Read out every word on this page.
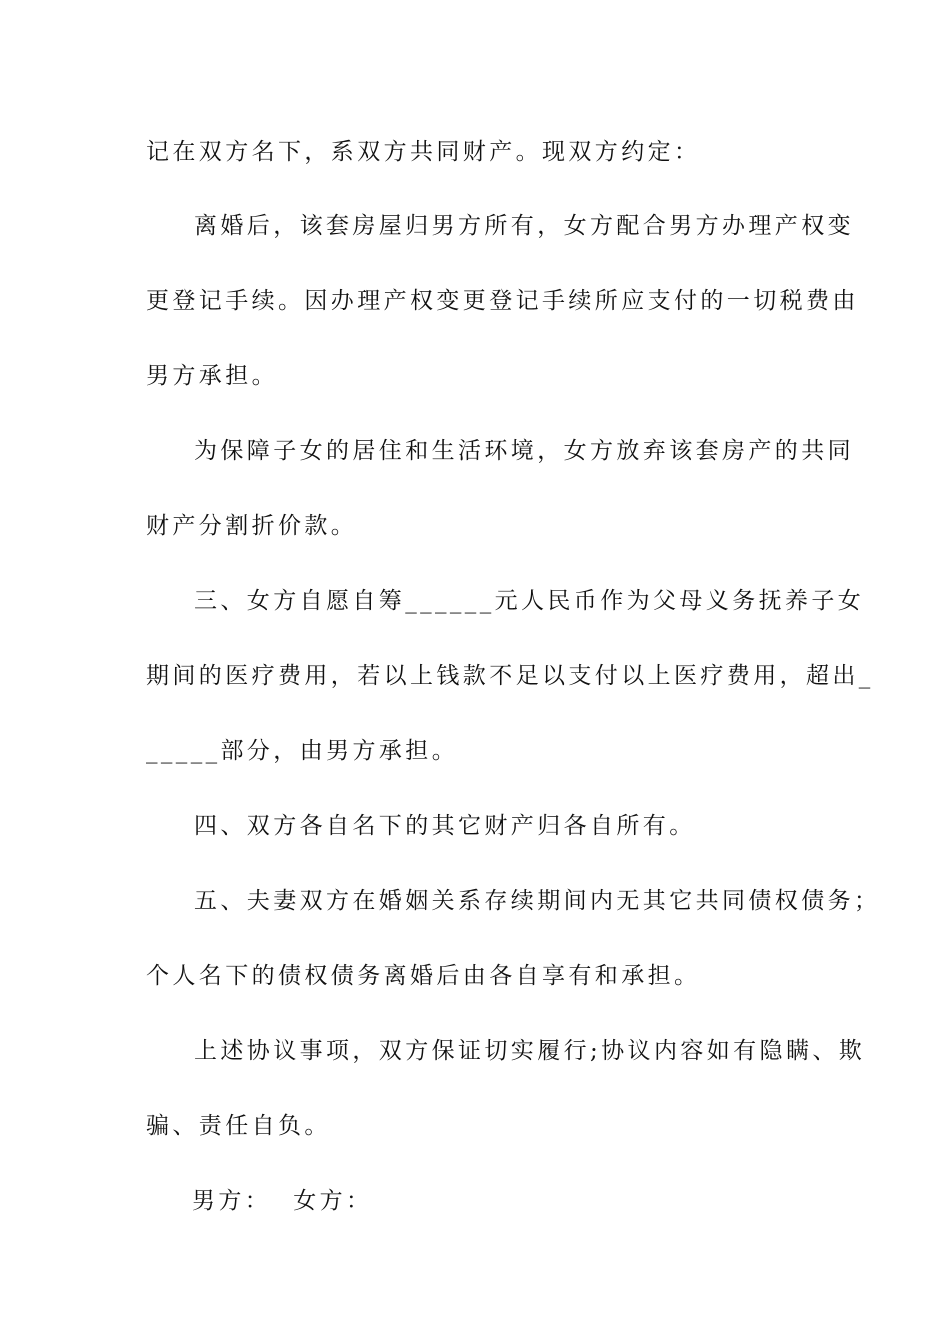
记在双方名下，系双方共同财产。现双方约定：
离婚后，该套房屋归男方所有，女方配合男方办理产权变
更登记手续。因办理产权变更登记手续所应支付的一切税费由
男方承担。
为保障子女的居住和生活环境，女方放弃该套房产的共同
财产分割折价款。
三、女方自愿自筹______元人民币作为父母义务抚养子女
期间的医疗费用，若以上钱款不足以支付以上医疗费用，超出_
_____部分，由男方承担。
四、双方各自名下的其它财产归各自所有。
五、夫妻双方在婚姻关系存续期间内无其它共同债权债务；
个人名下的债权债务离婚后由各自享有和承担。
上述协议事项，双方保证切实履行;协议内容如有隐瞒、欺
骗、责任自负。
男方： 女方：
